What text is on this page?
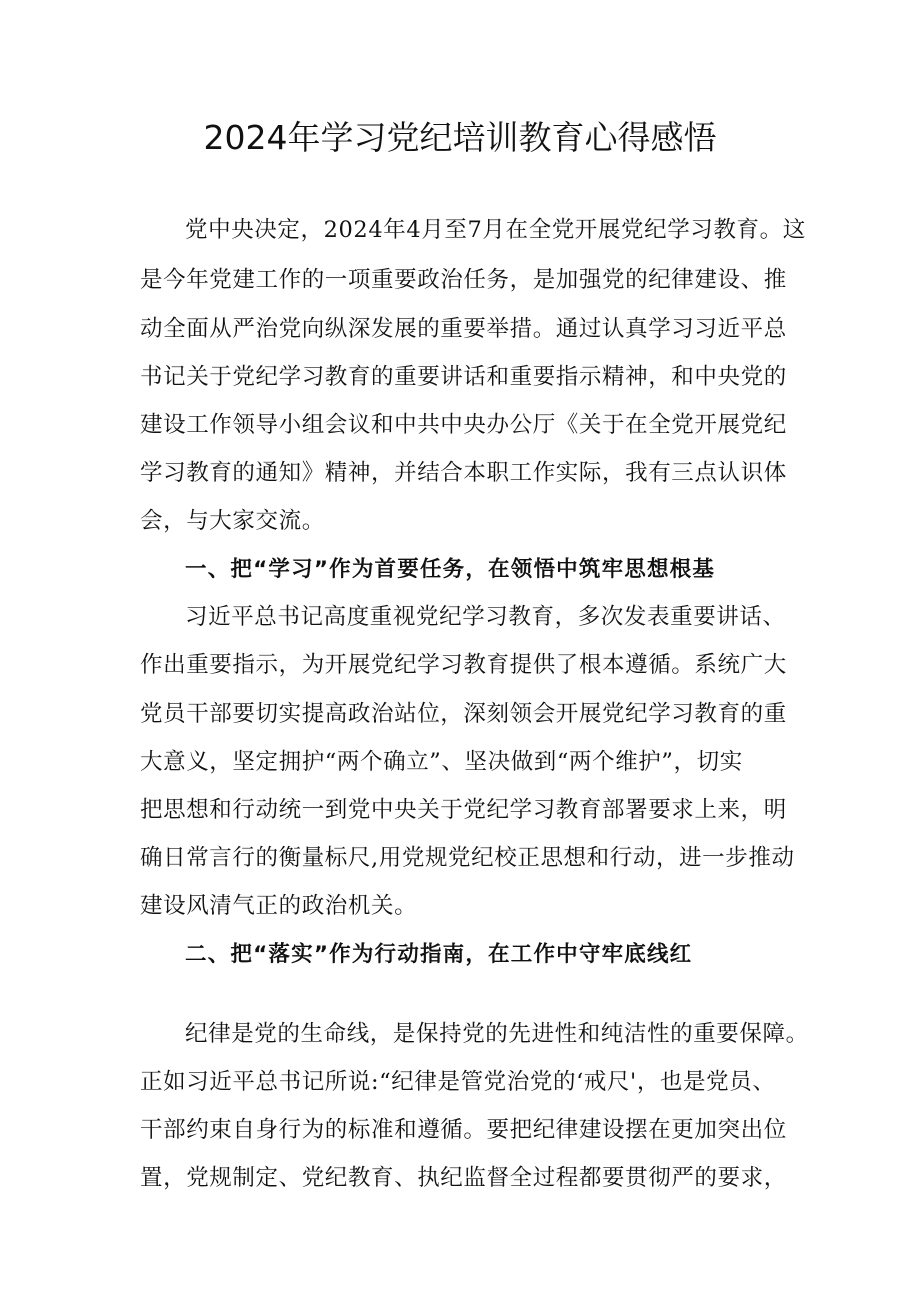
2024年学习党纪培训教育心得感悟
党中央决定，2024年4月至7月在全党开展党纪学习教育。这
是今年党建工作的一项重要政治任务，是加强党的纪律建设、推
动全面从严治党向纵深发展的重要举措。通过认真学习习近平总
书记关于党纪学习教育的重要讲话和重要指示精神，和中央党的
建设工作领导小组会议和中共中央办公厅《关于在全党开展党纪
学习教育的通知》精神，并结合本职工作实际，我有三点认识体
会，与大家交流。
一、把“学习”作为首要任务，在领悟中筑牢思想根基
习近平总书记高度重视党纪学习教育，多次发表重要讲话、
作出重要指示，为开展党纪学习教育提供了根本遵循。系统广大
党员干部要切实提高政治站位，深刻领会开展党纪学习教育的重
大意义，坚定拥护“两个确立”、坚决做到“两个维护”，切实
把思想和行动统一到党中央关于党纪学习教育部署要求上来，明
确日常言行的衡量标尺,用党规党纪校正思想和行动，进一步推动
建设风清气正的政治机关。
二、把“落实”作为行动指南，在工作中守牢底线红
纪律是党的生命线，是保持党的先进性和纯洁性的重要保障。
正如习近平总书记所说:“纪律是管党治党的‘戒尺'，也是党员、
干部约束自身行为的标准和遵循。要把纪律建设摆在更加突出位
置，党规制定、党纪教育、执纪监督全过程都要贯彻严的要求，
